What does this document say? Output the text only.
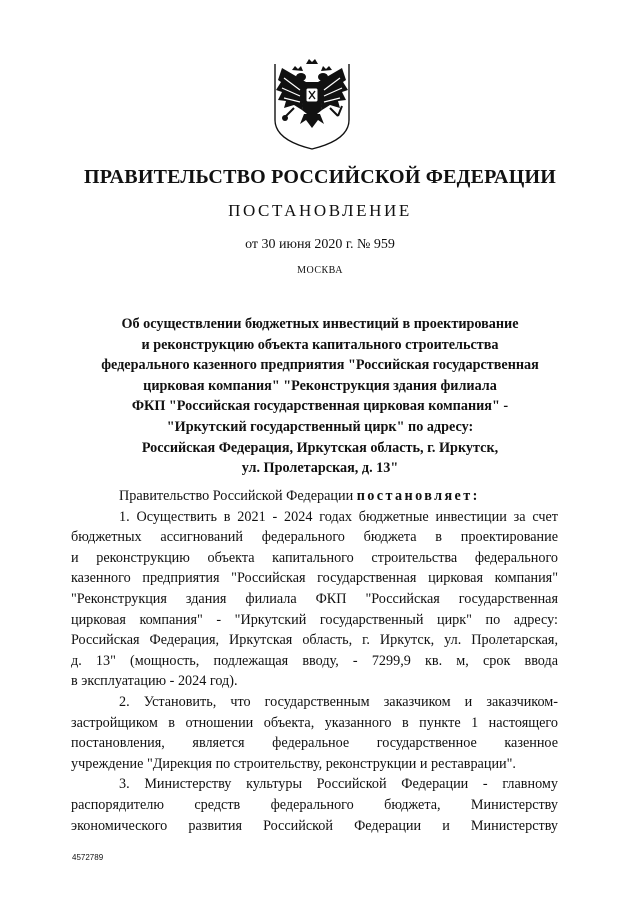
ПРАВИТЕЛЬСТВО РОССИЙСКОЙ ФЕДЕРАЦИИ
ПОСТАНОВЛЕНИЕ
от 30 июня 2020 г. № 959
МОСКВА
Об осуществлении бюджетных инвестиций в проектирование
и реконструкцию объекта капитального строительства
федерального казенного предприятия "Российская государственная
цирковая компания" "Реконструкция здания филиала
ФКП "Российская государственная цирковая компания" -
"Иркутский государственный цирк" по адресу:
Российская Федерация, Иркутская область, г. Иркутск,
ул. Пролетарская, д. 13"
Правительство Российской Федерации постановляет:
1. Осуществить в 2021 - 2024 годах бюджетные инвестиции за счет
бюджетных ассигнований федерального бюджета в проектирование
и реконструкцию объекта капитального строительства федерального
казенного предприятия "Российская государственная цирковая компания"
"Реконструкция здания филиала ФКП "Российская государственная
цирковая компания" - "Иркутский государственный цирк" по адресу:
Российская Федерация, Иркутская область, г. Иркутск, ул. Пролетарская,
д. 13" (мощность, подлежащая вводу, - 7299,9 кв. м, срок ввода
в эксплуатацию - 2024 год).
2. Установить, что государственным заказчиком и заказчиком-
застройщиком в отношении объекта, указанного в пункте 1 настоящего
постановления, является федеральное государственное казенное
учреждение "Дирекция по строительству, реконструкции и реставрации".
3. Министерству культуры Российской Федерации - главному
распорядителю средств федерального бюджета, Министерству
экономического развития Российской Федерации и Министерству
4572789
